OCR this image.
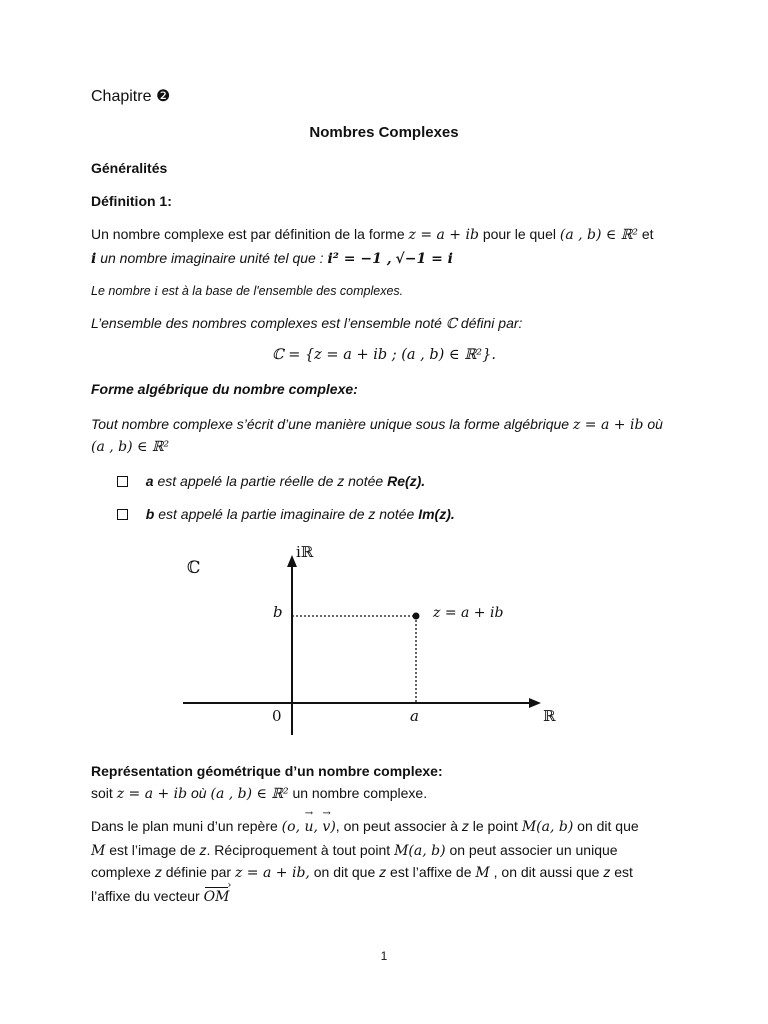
Chapitre ❷
Nombres Complexes
Généralités
Définition 1:
Un nombre complexe est par définition de la forme z = a + ib pour le quel (a , b) ∈ ℝ² et
i un nombre imaginaire unité tel que : i² = −1 , √−1 = i
Le nombre i est à la base de l'ensemble des complexes.
L’ensemble des nombres complexes est l’ensemble noté ℂ défini par:
ℂ = {z = a + ib ; (a , b) ∈ ℝ²}.
Forme algébrique du nombre complexe:
Tout nombre complexe s’écrit d’une manière unique sous la forme algébrique z = a + ib où
(a , b) ∈ ℝ²
a est appelé la partie réelle de z notée Re(z).
b est appelé la partie imaginaire de z notée Im(z).
ℂ
iℝ
ℝ
0	a
b	z = a + ib
Représentation géométrique d’un nombre complexe:
soit z = a + ib où (a , b) ∈ ℝ² un nombre complexe.
Dans le plan muni d’un repère (o, → u, → v), on peut associer à z le point M(a, b) on dit que
M est l’image de z. Réciproquement à tout point M(a, b) on peut associer un unique
complexe z définie par z = a + ib, on dit que z est l’affixe de M , on dit aussi que z est
l’affixe du vecteur OM ›
1
